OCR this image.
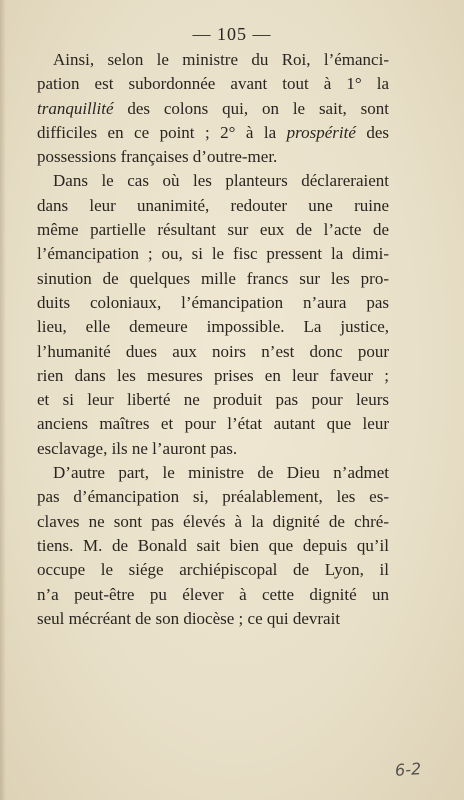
— 105 —
Ainsi, selon le ministre du Roi, l’émanci-
pation est subordonnée avant tout à 1° la
tranquillité des colons qui, on le sait, sont
difficiles en ce point ; 2° à la prospérité des
possessions françaises d’outre-mer.
Dans le cas où les planteurs déclareraient
dans leur unanimité, redouter une ruine
même partielle résultant sur eux de l’acte de
l’émancipation ; ou, si le fisc pressent la dimi-
sinution de quelques mille francs sur les pro-
duits coloniaux, l’émancipation n’aura pas
lieu, elle demeure impossible. La justice,
l’humanité dues aux noirs n’est donc pour
rien dans les mesures prises en leur faveur ;
et si leur liberté ne produit pas pour leurs
anciens maîtres et pour l’état autant que leur
esclavage, ils ne l’auront pas.
D’autre part, le ministre de Dieu n’admet
pas d’émancipation si, préalablement, les es-
claves ne sont pas élevés à la dignité de chré-
tiens. M. de Bonald sait bien que depuis qu’il
occupe le siége archiépiscopal de Lyon, il
n’a peut-être pu élever à cette dignité un
seul mécréant de son diocèse ; ce qui devrait
6-2
